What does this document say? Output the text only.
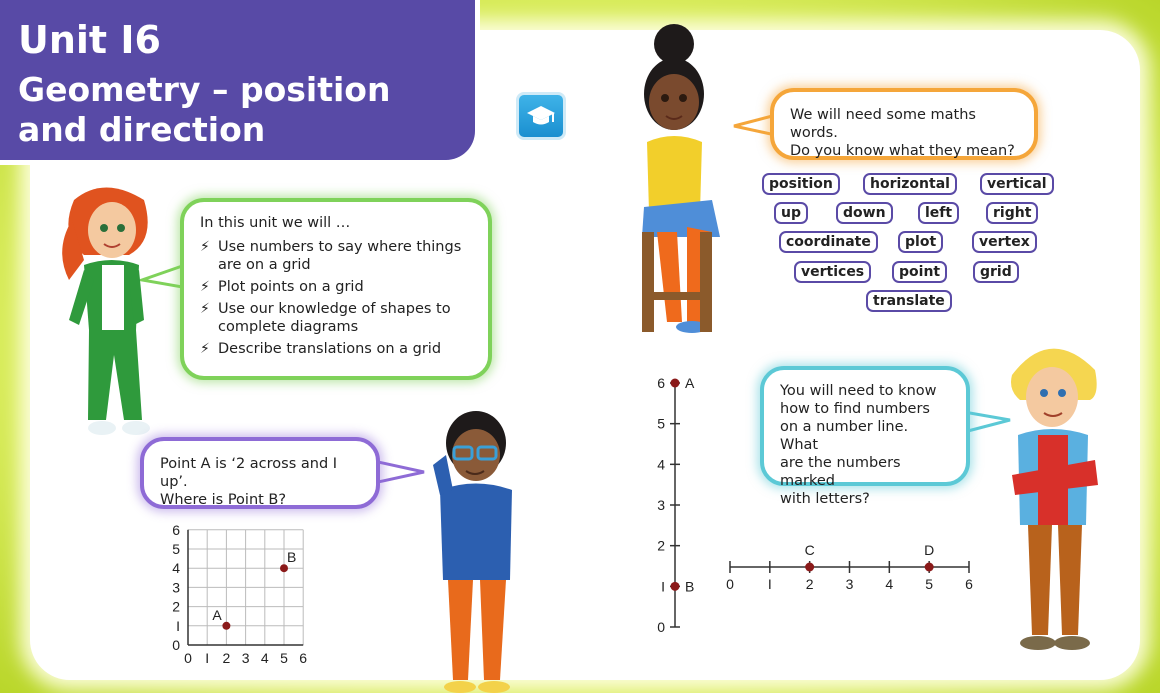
Unit I6
Geometry – position
and direction
In this unit we will …
⚡ Use numbers to say where things are on a grid
⚡ Plot points on a grid
⚡ Use our knowledge of shapes to complete diagrams
⚡ Describe translations on a grid
We will need some maths words.
Do you know what they mean?
position	horizontal	vertical
up	down	left	right
coordinate	plot	vertex
vertices	point	grid
translate
Point A is ‘2 across and I up’.
Where is Point B?
You will need to know
how to find numbers
on a number line. What
are the numbers marked
with letters?
0 I 2 3 4 5 6
0
I
2
3
4
5
6
A
B
0
I
2
3
4
5
6 A
B 0 I 2 3 4 5 6
C	D
